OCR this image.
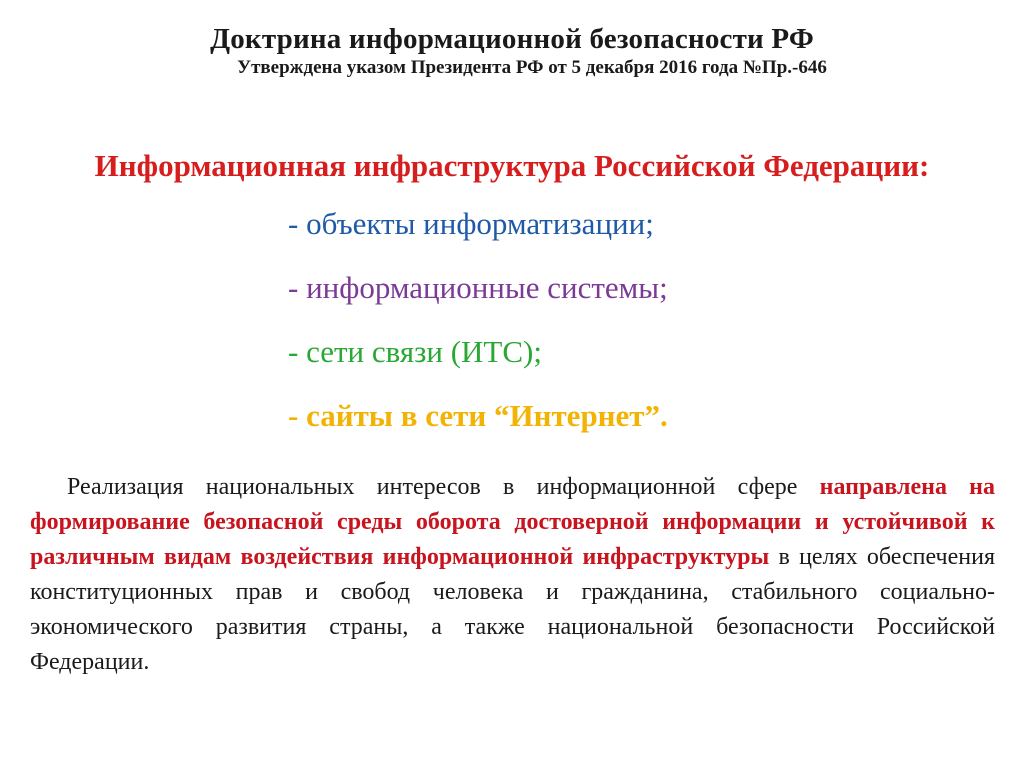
Доктрина информационной безопасности РФ
Утверждена указом Президента РФ от 5 декабря 2016 года №Пр.-646
Информационная инфраструктура Российской Федерации:
- объекты информатизации;
- информационные системы;
- сети связи (ИТС);
- сайты в сети “Интернет”.

Реализация национальных интересов в информационной сфере направлена на формирование безопасной среды оборота достоверной информации и устойчивой к различным видам воздействия информационной инфраструктуры в целях обеспечения конституционных прав и свобод человека и гражданина, стабильного социально-экономического развития страны, а также национальной безопасности Российской Федерации.
